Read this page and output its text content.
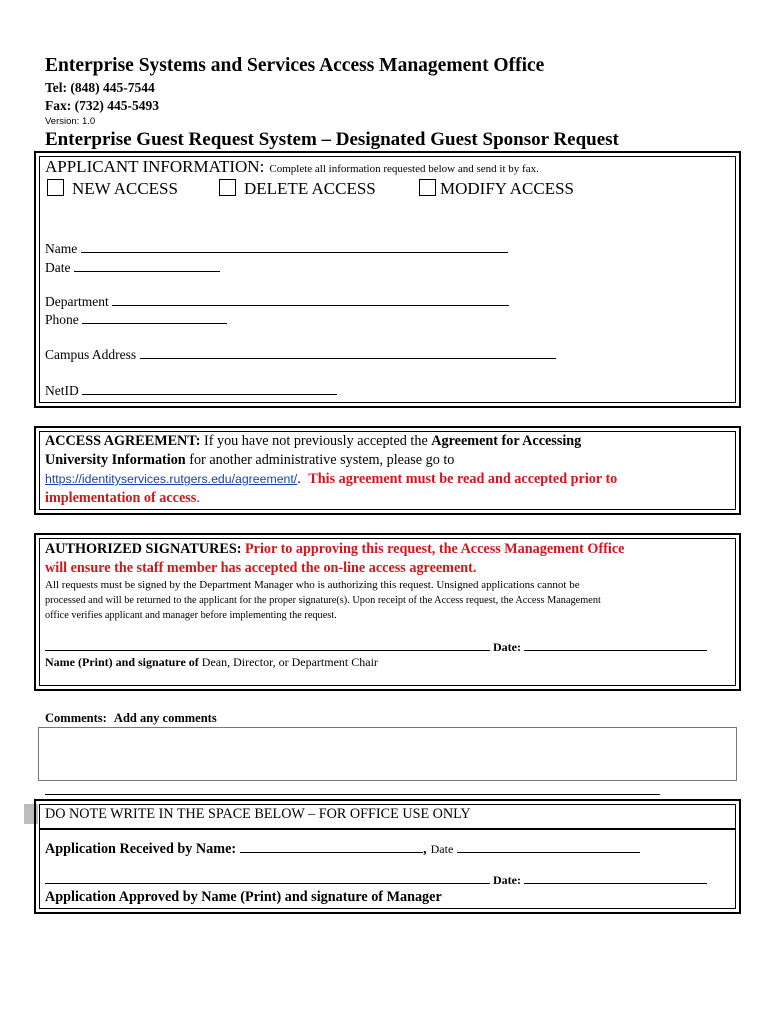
Enterprise Systems and Services Access Management Office
Tel: (848) 445-7544
Fax: (732) 445-5493
Version: 1.0
Enterprise Guest Request System – Designated Guest Sponsor Request
APPLICANT INFORMATION: Complete all information requested below and send it by fax.
NEW ACCESS	DELETE ACCESS	MODIFY ACCESS
Name
Date
Department
Phone
Campus Address
NetID
ACCESS AGREEMENT: If you have not previously accepted the Agreement for Accessing
University Information for another administrative system, please go to
https://identityservices.rutgers.edu/agreement/. This agreement must be read and accepted prior to
implementation of access.
AUTHORIZED SIGNATURES: Prior to approving this request, the Access Management Office
will ensure the staff member has accepted the on-line access agreement.
All requests must be signed by the Department Manager who is authorizing this request. Unsigned applications cannot be
processed and will be returned to the applicant for the proper signature(s). Upon receipt of the Access request, the Access Management
office verifies applicant and manager before implementing the request.
Date:
Name (Print) and signature of Dean, Director, or Department Chair
Comments: Add any comments
DO NOTE WRITE IN THE SPACE BELOW – FOR OFFICE USE ONLY
Application Received by Name:	, Date
Date:
Application Approved by Name (Print) and signature of Manager
